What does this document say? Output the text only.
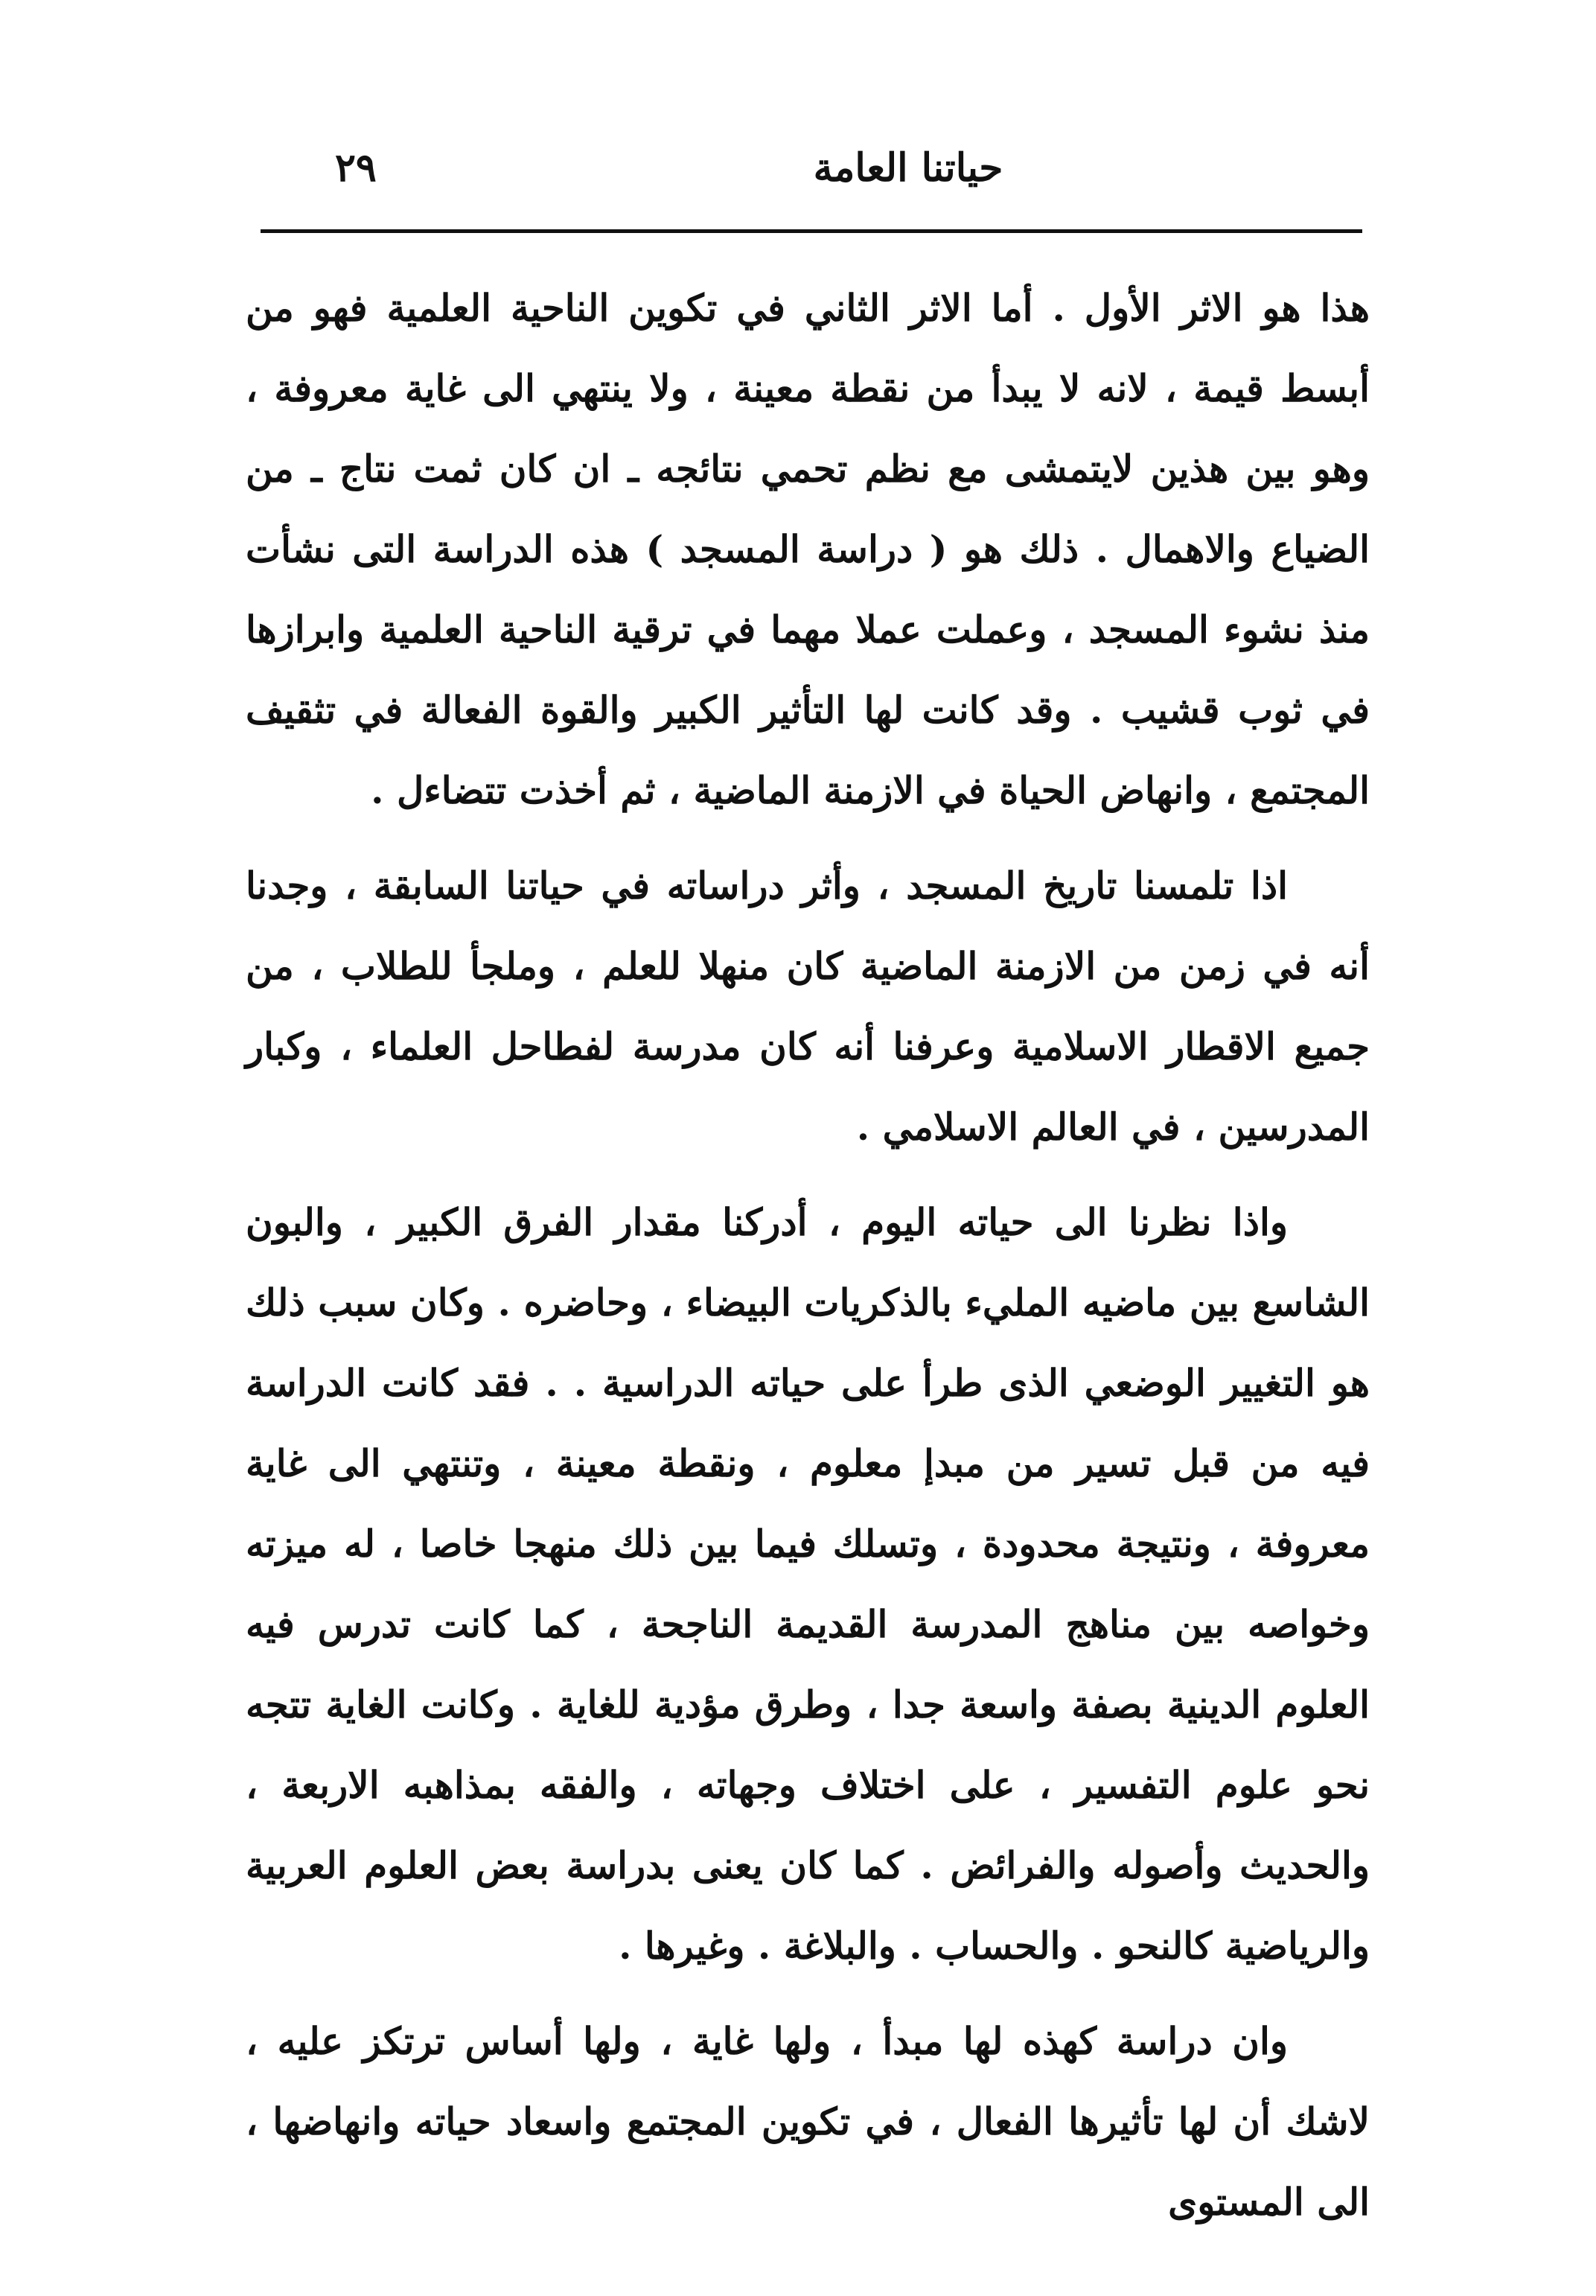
حياتنا العامة
٢٩

هذا هو الاثر الأول . أما الاثر الثاني في تكوين الناحية العلمية فهو من أبسط قيمة ، لانه لا يبدأ من نقطة معينة ، ولا ينتهي الى غاية معروفة ، وهو بين هذين لايتمشى مع نظم تحمي نتائجه ـ ان كان ثمت نتاج ـ من الضياع والاهمال . ذلك هو ( دراسة المسجد ) هذه الدراسة التى نشأت منذ نشوء المسجد ، وعملت عملا مهما في ترقية الناحية العلمية وابرازها في ثوب قشيب . وقد كانت لها التأثير الكبير والقوة الفعالة في تثقيف المجتمع ، وانهاض الحياة في الازمنة الماضية ، ثم أخذت تتضاءل .

اذا تلمسنا تاريخ المسجد ، وأثر دراساته في حياتنا السابقة ، وجدنا أنه في زمن من الازمنة الماضية كان منهلا للعلم ، وملجأ للطلاب ، من جميع الاقطار الاسلامية وعرفنا أنه كان مدرسة لفطاحل العلماء ، وكبار المدرسين ، في العالم الاسلامي .

واذا نظرنا الى حياته اليوم ، أدركنا مقدار الفرق الكبير ، والبون الشاسع بين ماضيه المليء بالذكريات البيضاء ، وحاضره . وكان سبب ذلك هو التغيير الوضعي الذى طرأ على حياته الدراسية . . فقد كانت الدراسة فيه من قبل تسير من مبدإ معلوم ، ونقطة معينة ، وتنتهي الى غاية معروفة ، ونتيجة محدودة ، وتسلك فيما بين ذلك منهجا خاصا ، له ميزته وخواصه بين مناهج المدرسة القديمة الناجحة ، كما كانت تدرس فيه العلوم الدينية بصفة واسعة جدا ، وطرق مؤدية للغاية . وكانت الغاية تتجه نحو علوم التفسير ، على اختلاف وجهاته ، والفقه بمذاهبه الاربعة ، والحديث وأصوله والفرائض . كما كان يعنى بدراسة بعض العلوم العربية والرياضية كالنحو . والحساب . والبلاغة . وغيرها .

وان دراسة كهذه لها مبدأ ، ولها غاية ، ولها أساس ترتكز عليه ، لاشك أن لها تأثيرها الفعال ، في تكوين المجتمع واسعاد حياته وانهاضها ، الى المستوى
